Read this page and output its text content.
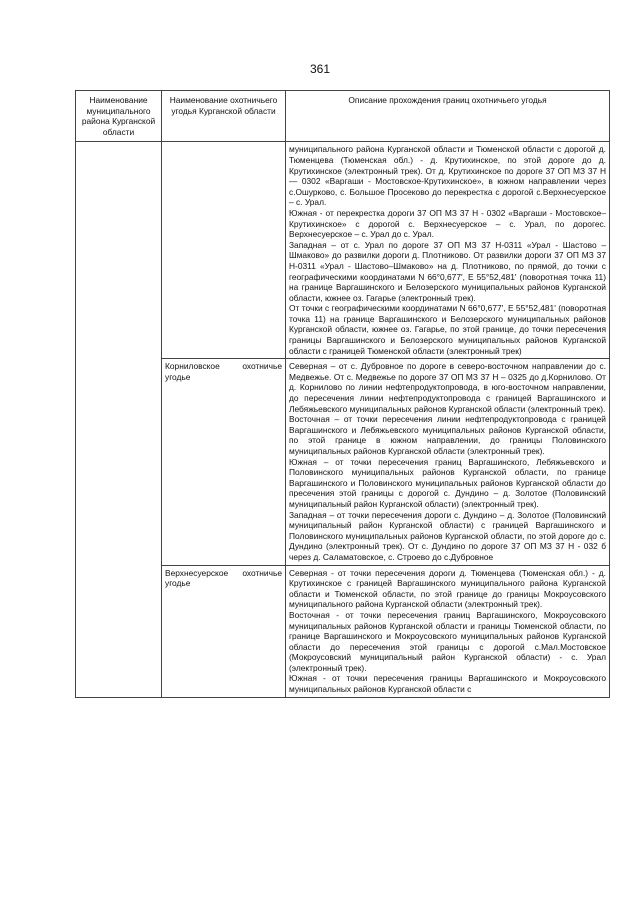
361
Наименование муниципального района Курганской области	Наименование охотничьего угодья Курганской области	Описание прохождения границ охотничьего угодья

		муниципального района Курганской области и Тюменской области с дорогой д. Тюменцева (Тюменская обл.) - д. Крутихинское, по этой дороге до д. Крутихинское (электронный трек). От д. Крутихинское по дороге 37 ОП МЗ 37 Н — 0302 «Варгаши - Мостовское-Крутихинское», в южном направлении через с.Ошурково, с. Большое Просеково до перекрестка с дорогой с.Верхнесуерское – с. Урал.

Южная - от перекрестка дороги 37 ОП МЗ 37 Н - 0302 «Варгаши - Мостовское–Крутихинское» с дорогой с. Верхнесуерское – с. Урал, по дорогес. Верхнесуерское – с. Урал до с. Урал.

Западная – от с. Урал по дороге 37 ОП МЗ 37 Н-0311 «Урал - Шастово –Шмаково» до развилки дороги д. Плотниково. От развилки дороги 37 ОП МЗ 37 Н-0311 «Урал - Шастово–Шмаково» на д. Плотниково, по прямой, до точки с географическими координатами N 66°0,677', E 55°52,481' (поворотная точка 11) на границе Варгашинского и Белозерского муниципальных районов Курганской области, южнее оз. Гагарье (электронный трек).

От точки с географическими координатами N 66°0,677', E 55°52,481' (поворотная точка 11) на границе Варгашинского и Белозерского муниципальных районов Курганской области, южнее оз. Гагарье, по этой границе, до точки пересечения границы Варгашинского и Белозерского муниципальных районов Курганской области с границей Тюменской области (электронный трек)

	Корниловское охотничье угодье	Северная – от с. Дубровное по дороге в северо-восточном направлении до с. Медвежье. От с. Медвежье по дороге 37 ОП МЗ 37 Н – 0325 до д.Корнилово. От д. Корнилово по линии нефтепродуктопровода, в юго-восточном направлении, до пересечения линии нефтепродуктопровода с границей Варгашинского и Лебяжьевского муниципальных районов Курганской области (электронный трек).

Восточная – от точки пересечения линии нефтепродуктопровода с границей Варгашинского и Лебяжьевского муниципальных районов Курганской области, по этой границе в южном направлении, до границы Половинского муниципальных районов Курганской области (электронный трек).

Южная – от точки пересечения границ Варгашинского, Лебяжьевского и Половинского муниципальных районов Курганской области, по границе Варгашинского и Половинского муниципальных районов Курганской области до пресечения этой границы с дорогой с. Дундино – д. Золотое (Половинский муниципальный район Курганской области) (электронный трек).

Западная – от точки пересечения дороги с. Дундино – д. Золотое (Половинский муниципальный район Курганской области) с границей Варгашинского и Половинского муниципальных районов Курганской области, по этой дороге до с. Дундино (электронный трек). От с. Дундино по дороге 37 ОП МЗ 37 Н - 032 б через д. Саламатовское, с. Строево до с.Дубровное

	Верхнесуерское охотничье угодье	Северная - от точки пересечения дороги д. Тюменцева (Тюменская обл.) - д. Крутихинское с границей Варгашинского муниципального района Курганской области и Тюменской области, по этой границе до границы Мокроусовского муниципального района Курганской области (электронный трек).

Восточная - от точки пересечения границ Варгашинского, Мокроусовского муниципальных районов Курганской области и границы Тюменской области, по границе Варгашинского и Мокроусовского муниципальных районов Курганской области до пересечения этой границы с дорогой с.Мал.Мостовское (Мокроусовский муниципальный район Курганской области) - с. Урал (электронный трек).

Южная - от точки пересечения границы Варгашинского и Мокроусовского муниципальных районов Курганской области с
